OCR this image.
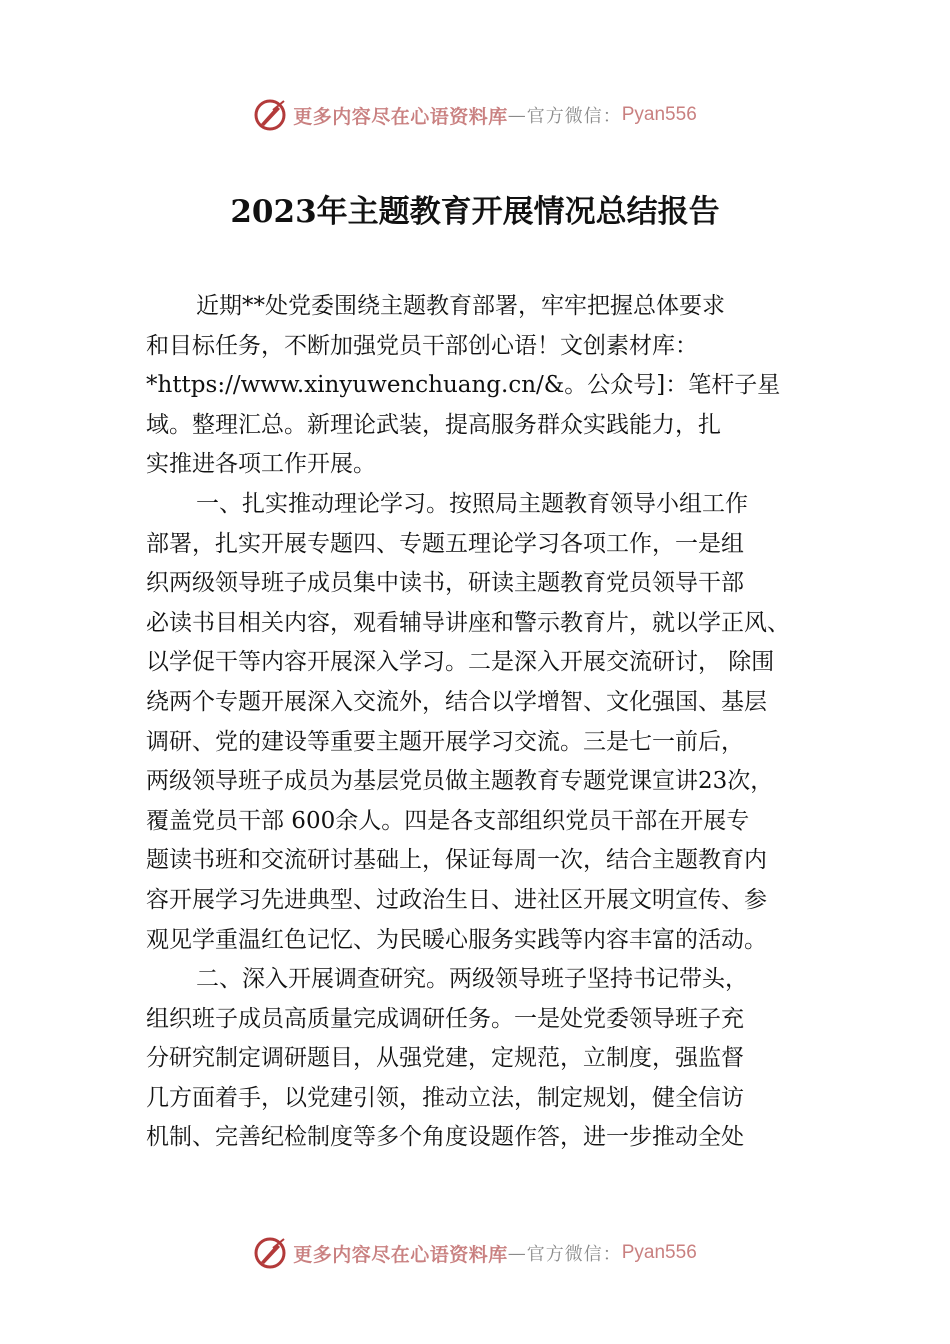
更多内容尽在心语资料库 — 官方微信： Pyan556
2023年主题教育开展情况总结报告
近期**处党委围绕主题教育部署，牢牢把握总体要求
和目标任务，不断加强党员干部创心语！文创素材库：
*https://www.xinyuwenchuang.cn/&。公众号]：笔杆子星
域。整理汇总。新理论武装，提高服务群众实践能力，扎
实推进各项工作开展。
一、扎实推动理论学习。按照局主题教育领导小组工作
部署，扎实开展专题四、专题五理论学习各项工作，一是组
织两级领导班子成员集中读书，研读主题教育党员领导干部
必读书目相关内容，观看辅导讲座和警示教育片，就以学正风、
以学促干等内容开展深入学习。二是深入开展交流研讨， 除围
绕两个专题开展深入交流外，结合以学增智、文化强国、基层
调研、党的建设等重要主题开展学习交流。三是七一前后，
两级领导班子成员为基层党员做主题教育专题党课宣讲23次，
覆盖党员干部 600余人。四是各支部组织党员干部在开展专
题读书班和交流研讨基础上，保证每周一次，结合主题教育内
容开展学习先进典型、过政治生日、进社区开展文明宣传、参
观见学重温红色记忆、为民暖心服务实践等内容丰富的活动。
二、深入开展调查研究。两级领导班子坚持书记带头，
组织班子成员高质量完成调研任务。一是处党委领导班子充
分研究制定调研题目，从强党建，定规范，立制度，强监督
几方面着手，以党建引领，推动立法，制定规划，健全信访
机制、完善纪检制度等多个角度设题作答，进一步推动全处
更多内容尽在心语资料库 — 官方微信： Pyan556
